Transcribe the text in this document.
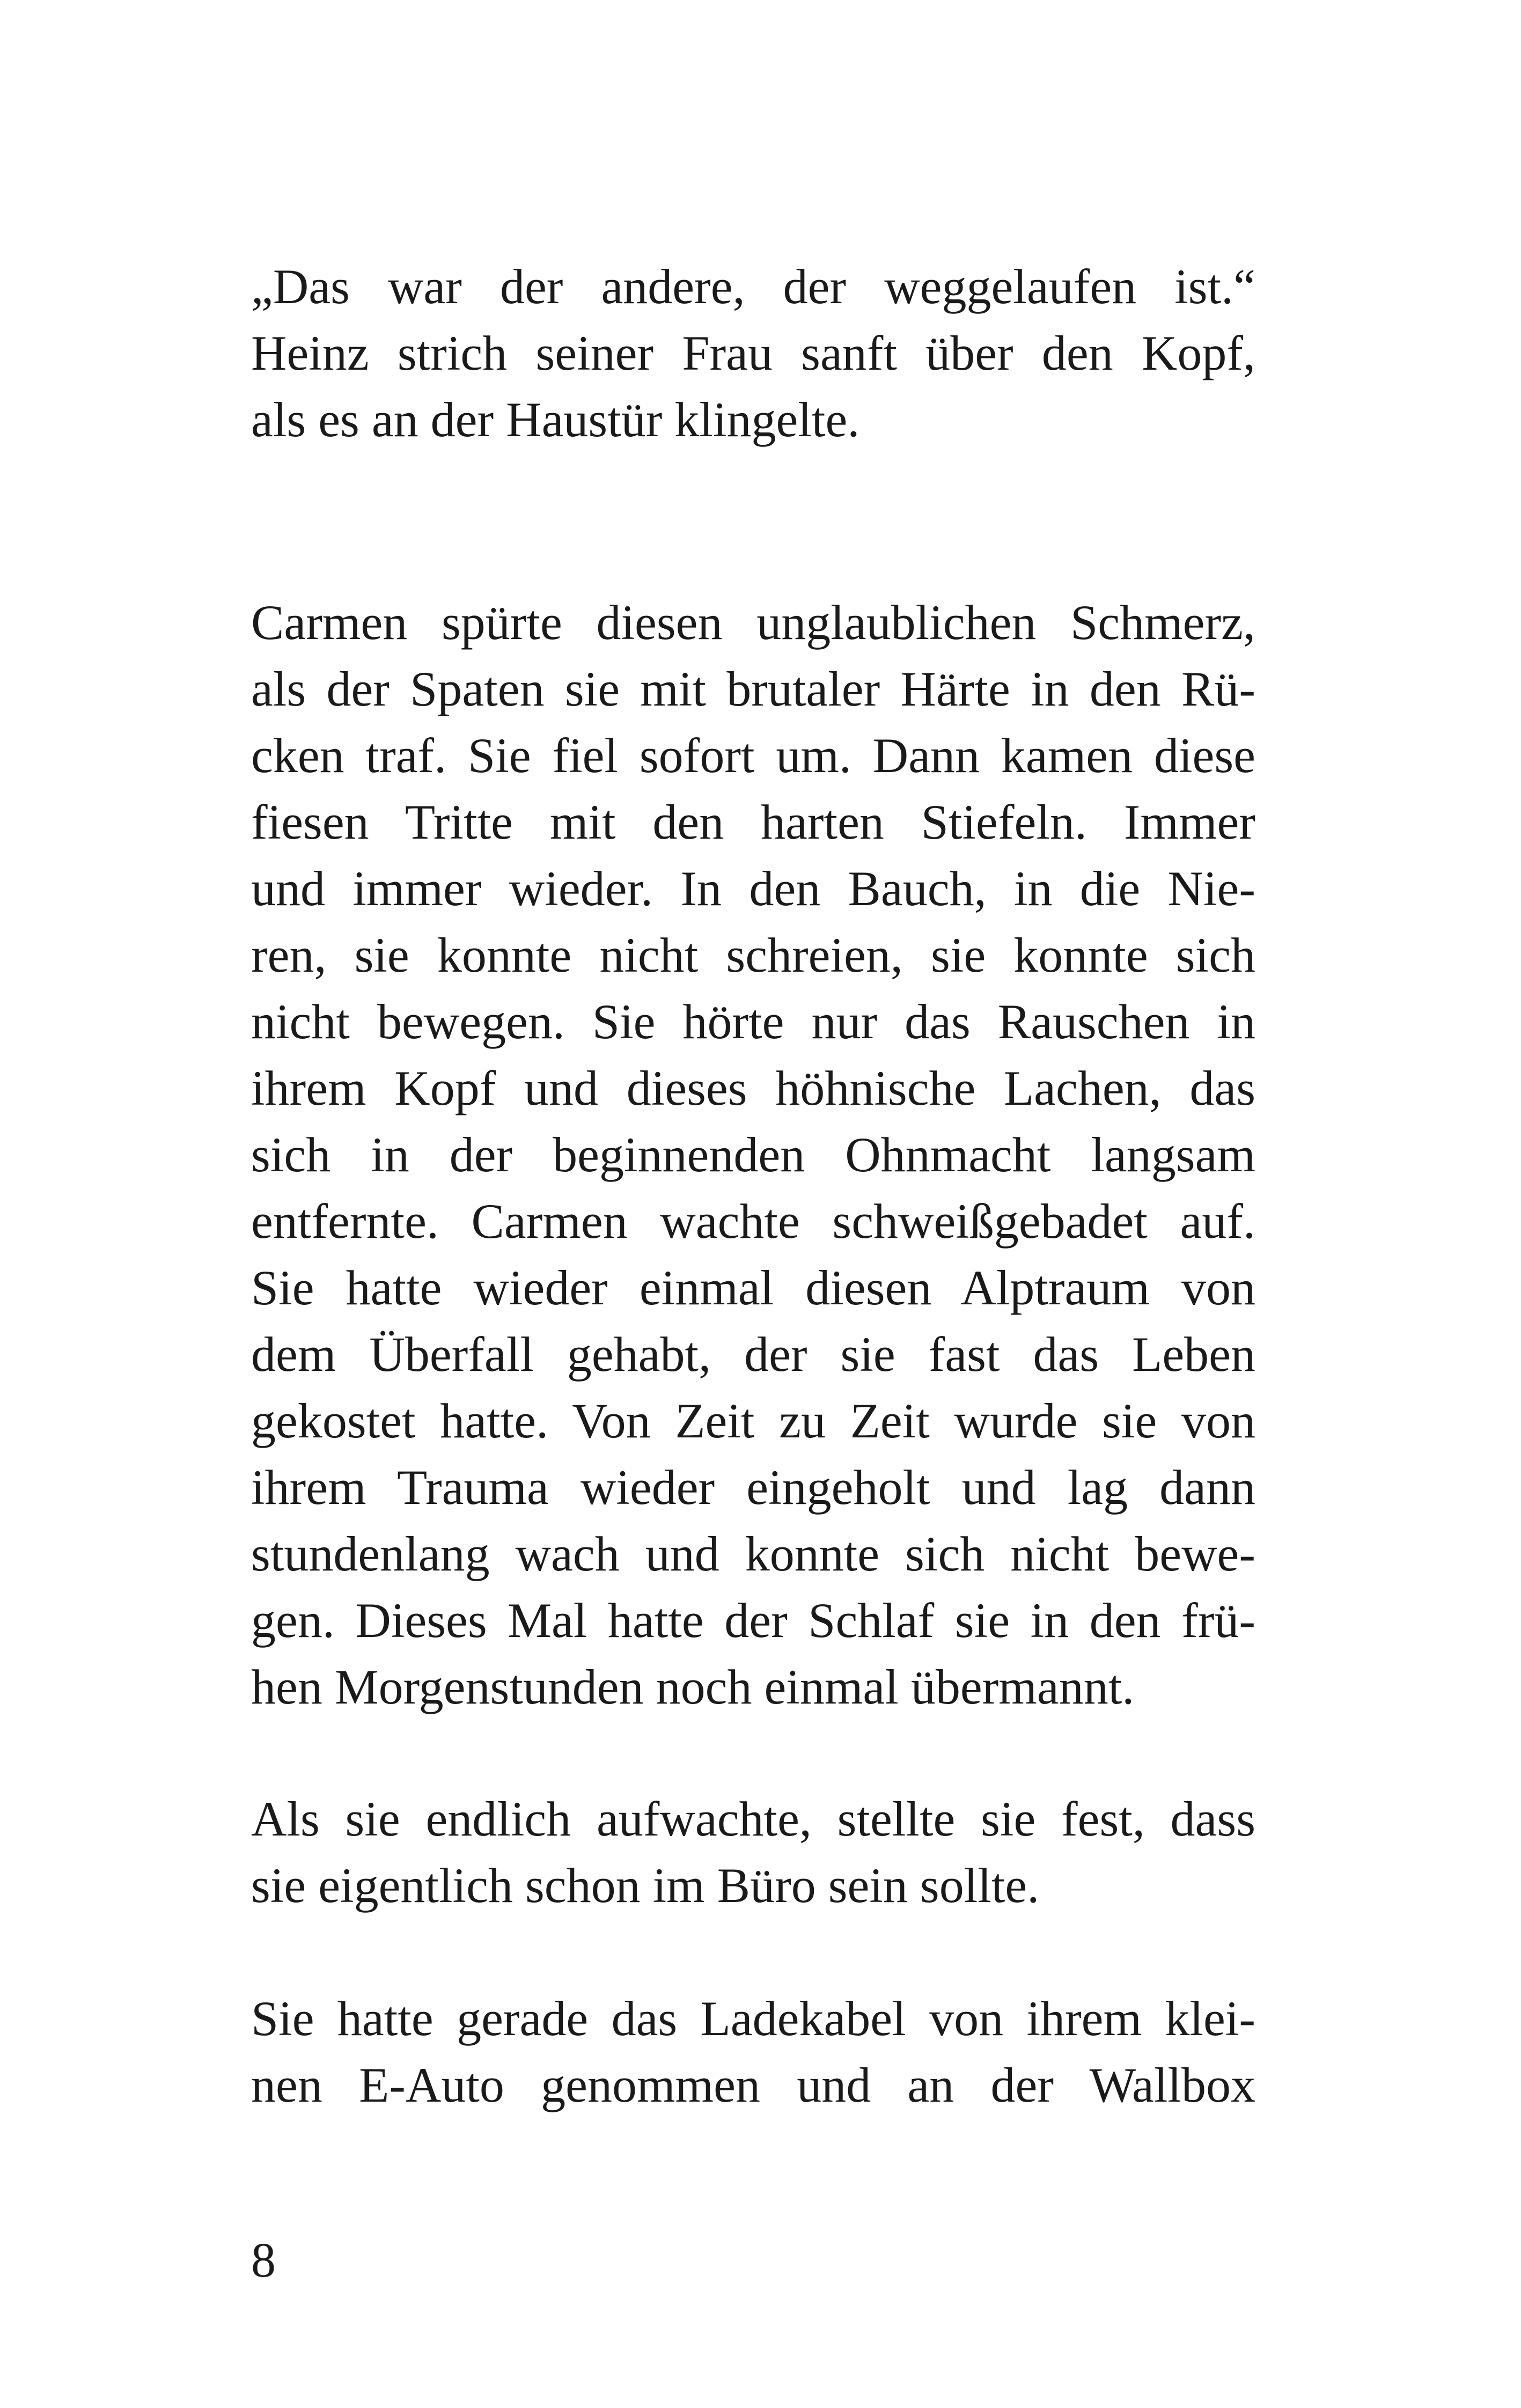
„Das war der andere, der weggelaufen ist.“
Heinz strich seiner Frau sanft über den Kopf,
als es an der Haustür klingelte.

Carmen spürte diesen unglaublichen Schmerz,
als der Spaten sie mit brutaler Härte in den Rü-
cken traf. Sie fiel sofort um. Dann kamen diese
fiesen Tritte mit den harten Stiefeln. Immer
und immer wieder. In den Bauch, in die Nie-
ren, sie konnte nicht schreien, sie konnte sich
nicht bewegen. Sie hörte nur das Rauschen in
ihrem Kopf und dieses höhnische Lachen, das
sich in der beginnenden Ohnmacht langsam
entfernte. Carmen wachte schweißgebadet auf.
Sie hatte wieder einmal diesen Alptraum von
dem Überfall gehabt, der sie fast das Leben
gekostet hatte. Von Zeit zu Zeit wurde sie von
ihrem Trauma wieder eingeholt und lag dann
stundenlang wach und konnte sich nicht bewe-
gen. Dieses Mal hatte der Schlaf sie in den frü-
hen Morgenstunden noch einmal übermannt.

Als sie endlich aufwachte, stellte sie fest, dass
sie eigentlich schon im Büro sein sollte.

Sie hatte gerade das Ladekabel von ihrem klei-
nen E-Auto genommen und an der Wallbox

8
